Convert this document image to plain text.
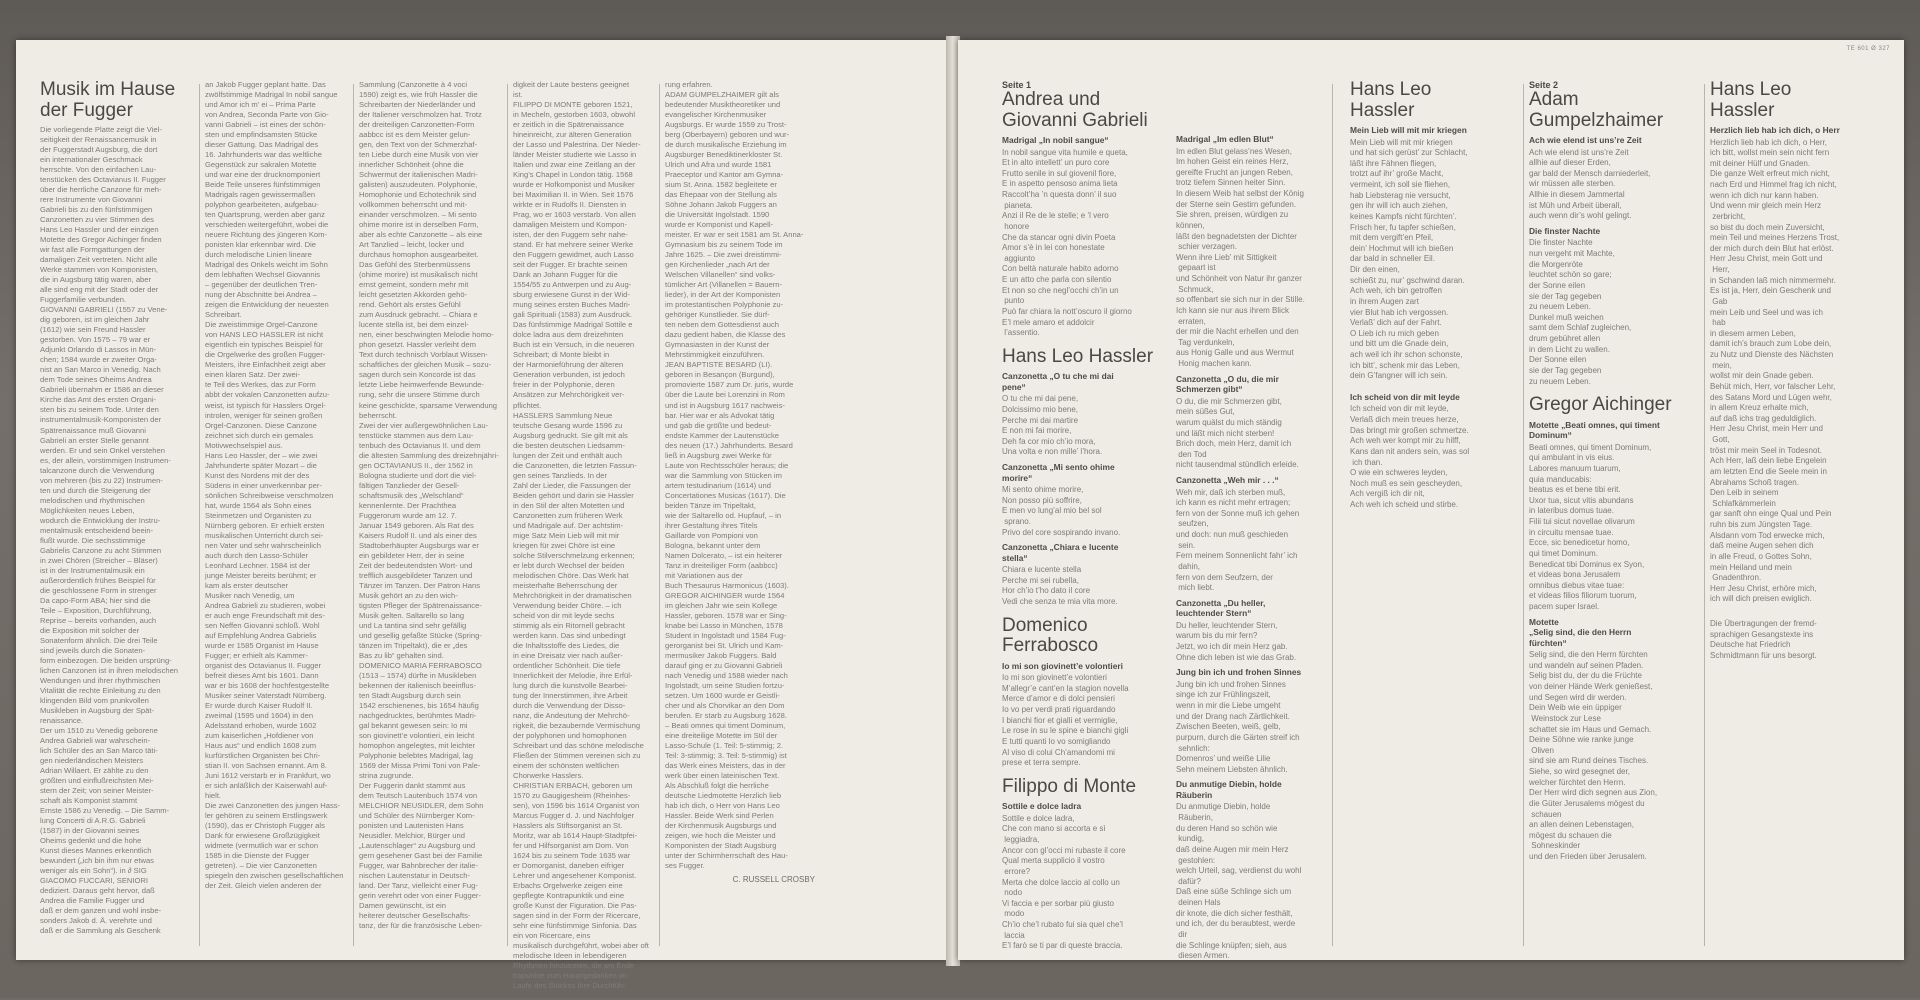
Musik im Hause
der Fugger

Die vorliegende Platte zeigt die Viel-
seitigkeit der Renaissancemusik in
der Fuggerstadt Augsburg, die dort
ein internationaler Geschmack
herrschte. Von den einfachen Lau-
tenstücken des Octavianus II. Fugger
über die herrliche Canzone für meh-
rere Instrumente von Giovanni
Gabrieli bis zu den fünfstimmigen
Canzonetten zu vier Stimmen des
Hans Leo Hassler und der einzigen
Motette des Gregor Aichinger finden
wir fast alle Formgattungen der
damaligen Zeit vertreten. Nicht alle
Werke stammen von Komponisten,
die in Augsburg tätig waren, aber
alle sind eng mit der Stadt oder der
Fuggerfamilie verbunden.
GIOVANNI GABRIELI (1557 zu Vene-
dig geboren, ist im gleichen Jahr
(1612) wie sein Freund Hassler
gestorben. Von 1575 – 79 war er
Adjunkt Orlando di Lassos in Mün-
chen; 1584 wurde er zweiter Orga-
nist an San Marco in Venedig. Nach
dem Tode seines Oheims Andrea
Gabrieli übernahm er 1586 an dieser
Kirche das Amt des ersten Organi-
sten bis zu seinem Tode. Unter den
instrumentalmusik-Komponisten der
Spätrenaissance muß Giovanni
Gabrieli an erster Stelle genannt
werden. Er und sein Onkel verstehen
es, der allein, vorstimmigen Instrumen-
talcanzone durch die Verwendung
von mehreren (bis zu 22) Instrumen-
ten und durch die Steigerung der
melodischen und rhythmischen
Möglichkeiten neues Leben,
wodurch die Entwicklung der Instru-
mentalmusik entscheidend beein-
flußt wurde. Die sechsstimmige
Gabrielis Canzone zu acht Stimmen
in zwei Chören (Streicher – Bläser)
ist in der Instrumentalmusik ein
außerordentlich frühes Beispiel für
die geschlossene Form in strenger
Da capo-Form ABA; hier sind die
Teile – Exposition, Durchführung,
Reprise – bereits vorhanden, auch
die Exposition mit solcher der
Sonatenform ähnlich. Die drei Teile
sind jeweils durch die Sonaten-
form einbezogen. Die beiden ursprüng-
lichen Canzonen ist in ihren melodischen
Wendungen und ihrer rhythmischen
Vitalität die rechte Einleitung zu den
klingenden Bild vom prunkvollen
Musikleben in Augsburg der Spät-
renaissance.
Der um 1510 zu Venedig geborene
Andrea Gabrieli war wahrschein-
lich Schüler des an San Marco täti-
gen niederländischen Meisters
Adrian Willaert. Er zählte zu den
größten und einflußreichsten Mei-
stern der Zeit; von seiner Meister-
schaft als Komponist stammt
Ernste 1586 zu Venedig. – Die Samm-
lung Concerti di A.R.G. Gabrieli
(1587) in der Giovanni seines
Oheims gedenkt und die hohe
Kunst dieses Mannes erkenntlich
bewundert („ich bin ihm nur etwas
weniger als ein Sohn“). in ∂ SIG
GIACOMO FUCCARI, SENIORI
dediziert. Daraus geht hervor, daß
Andrea die Familie Fugger und
daß er dem ganzen und wohl insbe-
sonders Jakob d. Ä. verehrte und
daß er die Sammlung als Geschenk

an Jakob Fugger geplant hatte. Das
zwölfstimmige Madrigal In nobil sangue
und Amor ich m' ei – Prima Parte
von Andrea, Seconda Parte von Gio-
vanni Gabrieli – ist eines der schön-
sten und empfindsamsten Stücke
dieser Gattung. Das Madrigal des
16. Jahrhunderts war das weltliche
Gegenstück zur sakralen Motette
und war eine der drucknomponiert
Beide Teile unseres fünfstimmigen
Madrigals ragen gewissermaßen
polyphon gearbeiteten, aufgebau-
ten Quartsprung, werden aber ganz
verschieden weitergeführt, wobei die
neuere Richtung des jüngeren Kom-
ponisten klar erkennbar wird. Die
durch melodische Linien lineare
Madrigal des Onkels weicht im Sohn
dem lebhaften Wechsel Giovannis
– gegenüber der deutlichen Tren-
nung der Abschnitte bei Andrea –
zeigen die Entwicklung der neuesten
Schreibart.
Die zweistimmige Orgel-Canzone
von HANS LEO HASSLER ist nicht
eigentlich ein typisches Beispiel für
die Orgelwerke des großen Fugger-
Meisters, ihre Einfachheit zeigt aber
einen klaren Satz. Der zwei-
te Teil des Werkes, das zur Form
abbt der vokalen Canzonetten aufzu-
weist, ist typisch für Hasslers Orgel-
introlen, weniger für seinen großen
Orgel-Canzonen. Diese Canzone
zeichnet sich durch ein gemales
Motivwechselspiel aus.
Hans Leo Hassler, der – wie zwei
Jahrhunderte später Mozart – die
Kunst des Nordens mit der des
Südens in einer unverkennbar per-
sönlichen Schreibweise verschmolzen
hat, wurde 1564 als Sohn eines
Steinmetzen und Organisten zu
Nürnberg geboren. Er erhielt ersten
musikalischen Unterricht durch sei-
nen Vater und sehr wahrscheinlich
auch durch den Lasso-Schüler
Leonhard Lechner. 1584 ist der
junge Meister bereits berühmt; er
kam als erster deutscher
Musiker nach Venedig, um
Andrea Gabrieli zu studieren, wobei
er auch enge Freundschaft mit des-
sen Neffen Giovanni schloß. Wohl
auf Empfehlung Andrea Gabrielis
wurde er 1585 Organist im Hause
Fugger; er erhielt als Kammer-
organist des Octavianus II. Fugger
befreit dieses Amt bis 1601. Dann
war er bis 1608 der hochfestgestellte
Musiker seiner Vaterstadt Nürnberg.
Er wurde durch Kaiser Rudolf II.
zweimal (1595 und 1604) in den
Adelsstand erhoben, wurde 1602
zum kaiserlichen „Hofdiener von
Haus aus“ und endlich 1608 zum
kurfürstlichen Organisten bei Chri-
stian II. von Sachsen ernannt. Am 8.
Juni 1612 verstarb er in Frankfurt, wo
er sich anläßlich der Kaiserwahl auf-
hielt.
Die zwei Canzonetten des jungen Hass-
ler gehören zu seinem Erstlingswerk
(1590), das er Christoph Fugger als
Dank für erwiesene Großzügigkeit
widmete (vermutlich war er schon
1585 in die Dienste der Fugger
getreten). – Die vier Canzonetten
spiegeln den zwischen gesellschaftlichen
der Zeit. Gleich vielen anderen der

Sammlung (Canzonette à 4 voci
1590) zeigt es, wie früh Hassler die
Schreibarten der Niederländer und
der Italiener verschmolzen hat. Trotz
der dreiteiligen Canzonetten-Form
aabbcc ist es dem Meister gelun-
gen, den Text von der Schmerzhaf-
ten Liebe durch eine Musik von vier
innerlicher Schönheit (ohne die
Schwermut der italienischen Madri-
galisten) auszudeuten. Polyphonie,
Homophonie und Echotechnik sind
vollkommen beherrscht und mit-
einander verschmolzen. – Mi sento
ohime morire ist in derselben Form,
aber als echte Canzonette – als eine
Art Tanzlied – leicht, locker und
durchaus homophon ausgearbeitet.
Das Gefühl des Sterbenmüssens
(ohime morire) ist musikalisch nicht
ernst gemeint, sondern mehr mit
leicht gesetzten Akkorden gehö-
rend. Gehört als erstes Gefühl
zum Ausdruck gebracht. – Chiara e
lucente stella ist, bei dem einzel-
nen, einer beschwingten Melodie homo-
phon gesetzt. Hassler verleiht dem
Text durch technisch Vorblaut Wissen-
schaftliches der gleichen Musik – sozu-
sagen durch sein Koncorde ist das
letzte Liebe heimwerfende Bewunde-
rung, sehr die unsere Stimme durch
keine geschickte, sparsame Verwendung
beherrscht.
Zwei der vier außergewöhnlichen Lau-
tenstücke stammen aus dem Lau-
tenbuch des Octavianus II. und dem
die ältesten Sammlung des dreizehnjähri-
gen OCTAVIANUS II., der 1562 in
Bologna studierte und dort die viel-
fältigen Tanzlieder der Gesell-
schaftsmusik des „Welschland“
kennenlernte. Der Prachthea
Fuggerorum wurde am 12. 7.
Januar 1549 geboren. Als Rat des
Kaisers Rudolf II. und als einer des
Stadtoberhäupter Augsburgs war er
ein gebildeter Herr, der in seine
Zeit der bedeutendsten Wort- und
trefflich ausgebildeter Tanzen und
Tänzer im Tanzen. Der Patron Hans
Musik gehört an zu den wich-
tigsten Pfleger der Spätrenaissance-
Musik gelten. Saltarello so lang
und La tantina sind sehr gefällig
und gesellig gefaßte Stücke (Spring-
tänzen im Tripeltakt), die er „des
Bas zu lib“ gehalten sind.
DOMENICO MARIA FERRABOSCO
(1513 – 1574) dürfte in Musikleben
bekennen der italienisch beeinflus-
ten Stadt Augsburg durch sein
1542 erschienenes, bis 1654 häufig
nachgedrucktes, berühmtes Madri-
gal bekannt gewesen sein: Io mi
son giovinett’e volontieri, ein leicht
homophon angelegtes, mit leichter
Polyphonie belebtes Madrigal, lag
1569 der Missa Primi Toni von Pale-
strina zugrunde.
Der Fuggerin dankt stammt aus
dem Teutsch Lautenbuch 1574 von
MELCHIOR NEUSIDLER, dem Sohn
und Schüler des Nürnberger Kom-
ponisten und Lautenisten Hans
Neusidler. Melchior, Bürger und
„Lautenschlager“ zu Augsburg und
gern gesehener Gast bei der Familie
Fugger, war Bahnbrecher der italie-
nischen Lautenstatur in Deutsch-
land. Der Tanz, vielleicht einer Fug-
gerin verehrt oder von einer Fugger-
Damen gewünscht, ist ein
heiterer deutscher Gesellschafts-
tanz, der für die französische Leben-

digkeit der Laute bestens geeignet
ist.
FILIPPO DI MONTE geboren 1521,
in Mecheln, gestorben 1603, obwohl
er zeitlich in die Spätrenaissance
hineinreicht, zur älteren Generation
der Lasso und Palestrina. Der Nieder-
länder Meister studierte wie Lasso in
Italien und zwar eine Zeitlang an der
King’s Chapel in London tätig. 1568
wurde er Hofkomponist und Musiker
bei Maximilian II. in Wien. Seit 1576
wirkte er in Rudolfs II. Diensten in
Prag, wo er 1603 verstarb. Von allen
damaligen Meistern und Kompon-
isten, der den Fuggern sehr nahe-
stand. Er hat mehrere seiner Werke
den Fuggern gewidmet, auch Lasso
seit der Fugger. Er brachte seinen
Dank an Johann Fugger für die
1554/55 zu Antwerpen und zu Aug-
sburg erwiesene Gunst in der Wid-
mung seines ersten Buches Madri-
gali Spirituali (1583) zum Ausdruck.
Das fünfstimmige Madrigal Sottile e
dolce ladra aus dem dreizehnten
Buch ist ein Versuch, in die neueren
Schreibart; di Monte bleibt in
der Harmonieführung der älteren
Generation verbunden, ist jedoch
freier in der Polyphonie, deren
Ansätzen zur Mehrchörigkeit ver-
pflichtet.
HASSLERS Sammlung Neue
teutsche Gesang wurde 1596 zu
Augsburg gedruckt. Sie gilt mit als
die besten deutschen Liedsamm-
lungen der Zeit und enthält auch
die Canzonetten, die letzten Fassun-
gen seines Tanzlieds. In der
Zahl der Lieder, die Fassungen der
Beiden gehört und darin sie Hassler
in den Stil der alten Motetten und
Canzonetten zum früheren Werk
und Madrigale auf. Der achtstim-
mige Satz Mein Lieb will mit mir
kriegen für zwei Chöre ist eine
solche Stilverschmelzung erkennen;
er lebt durch Wechsel der beiden
melodischen Chöre. Das Werk hat
meisterhafte Beherrschung der
Mehrchörigkeit in der dramatischen
Verwendung beider Chöre. – ich
scheid von dir mit leyde sechs
stimmig als ein Ritornell gebracht
werden kann. Das sind unbedingt
die Inhaltsstoffe des Liedes, die
in eine Dreisatz vier nach außer-
ordentlicher Schönheit. Die tiefe
Innerlichkeit der Melodie, ihre Erfül-
lung durch die kunstvolle Bearbei-
tung der Innerstimmen, ihre Arbeit
durch die Verwendung der Disso-
nanz, die Andeutung der Mehrchö-
rigkeit, die bezaubernde Vermischung
der polyphonen und homophonen
Schreibart und das schöne melodische
Fließen der Stimmen vereinen sich zu
einem der schönsten weltlichen
Chorwerke Hasslers.
CHRISTIAN ERBACH, geboren um
1570 zu Gaugigesheim (Rheinhes-
sen), von 1596 bis 1614 Organist von
Marcus Fugger d. J. und Nachfolger
Hasslers als Stiftsorganist an St.
Moritz, war ab 1614 Haupt-Stadtpfei-
fer und Hilfsorganist am Dom. Von
1624 bis zu seinem Tode 1635 war
er Domorganist, daneben eifriger
Lehrer und angesehener Komponist.
Erbachs Orgelwerke zeigen eine
gepflegte Kontrapunktik und eine
große Kunst der Figuration. Die Pas-
sagen sind in der Form der Ricercare,
sehr eine fünfstimmige Sinfonia. Das
ein von Ricercare, eins
musikalisch durchgeführt, wobei aber oft
melodische Ideen in lebendigeren
Rhythmen hinzutreten, die am Ende
trapunkte zum Hauptgedanken im
Laufe des Stückes ihre Durchfüh-

rung erfahren.
ADAM GUMPELZHAIMER gilt als
bedeutender Musiktheoretiker und
evangelischer Kirchenmusiker
Augsburgs. Er wurde 1559 zu Trost-
berg (Oberbayern) geboren und wur-
de durch musikalische Erziehung im
Augsburger Benediktinerkloster St.
Ulrich und Afra und wurde 1581
Praeceptor und Kantor am Gymna-
sium St. Anna. 1582 begleitete er
das Ehepaar von der Stellung als
Söhne Johann Jakob Fuggers an
die Universität Ingolstadt. 1590
wurde er Komponist und Kapell-
meister. Er war er seit 1581 am St. Anna-
Gymnasium bis zu seinem Tode im
Jahre 1625. – Die zwei dreistimmi-
gen Kirchenlieder „nach Art der
Welschen Villanellen“ sind volks-
tümlicher Art (Villanellen = Bauern-
lieder), in der Art der Komponisten
im protestantischen Polyphonie zu-
gehöriger Kunstlieder. Sie dürf-
ten neben dem Gottesdienst auch
dazu gedient haben, die Klasse des
Gymnasiasten in der Kunst der
Mehrstimmigkeit einzuführen.
JEAN BAPTISTE BESARD (LI).
geboren in Besançon (Burgund),
promovierte 1587 zum Dr. juris, wurde
über die Laute bei Lorenzini in Rom
und ist in Augsburg 1617 nachweis-
bar. Hier war er als Advokat tätig
und gab die größte und bedeut-
endste Kammer der Lautenstücke
des neuen (17.) Jahrhunderts. Besard
ließ in Augsburg zwei Werke für
Laute von Rechtsschüler heraus; die
war die Sammlung von Stücken im
artem testudinarium (1614) und
Concertationes Musicas (1617). Die
beiden Tänze im Tripeltakt,
wie der Saltarello od. Hupfauf, – in
ihrer Gestaltung ihres Titels
Gaillarde von Pompioni von
Bologna, bekannt unter dem
Namen Dolcerato, – ist ein heiterer
Tanz in dreiteiliger Form (aabbcc)
mit Variationen aus der
Buch Thesaurus Harmonicus (1603).
GREGOR AICHINGER wurde 1564
im gleichen Jahr wie sein Kollege
Hassler, geboren. 1578 war er Sing-
knabe bei Lasso in München, 1578
Student in Ingolstadt und 1584 Fug-
gerorganist bei St. Ulrich und Kam-
mermusiker Jakob Fuggers. Bald
darauf ging er zu Giovanni Gabrieli
nach Venedig und 1588 wieder nach
Ingolstadt, um seine Studien fortzu-
setzen. Um 1600 wurde er Geistli-
cher und als Chorvikar an den Dom
berufen. Er starb zu Augsburg 1628.
– Beati omnes qui timent Dominum,
eine dreiteilige Motette im Stil der
Lasso-Schule (1. Teil: 5-stimmig; 2.
Teil: 3-stimmig; 3. Teil: 5-stimmig) ist
das Werk eines Meisters, das in der
werk über einen lateinischen Text.
Als Abschluß folgt die herrliche
deutsche Liedmotette Herzlich lieb
hab ich dich, o Herr von Hans Leo
Hassler. Beide Werk sind Perlen
der Kirchenmusik Augsburgs und
zeigen, wie hoch die Meister und
Komponisten der Stadt Augsburg
unter der Schirmherrschaft des Hau-
ses Fugger.

C. RUSSELL CROSBY

TE 601 Ø 327

Seite 1

Andrea und Giovanni Gabrieli

Madrigal „In nobil sangue“

In nobil sangue vita humile e queta,
Et in alto intellett’ un puro core
Frutto senile in sul giovenil fiore,
E in aspetto pensoso anima lieta
Raccolt’ha ’n questa donn’ il suo
pianeta.
Anzi il Re de le stelle; e ’l vero
honore
Che da stancar ogni divin Poeta
Amor s’è in lei con honestate
aggiunto
Con beltà naturale habito adorno
E un atto che parla con silentio
Et non so che negl’occhi ch’in un
punto
Può far chiara la nott’oscuro il giorno
E’l mele amaro et addolcir
l’assentio.

Hans Leo Hassler

Canzonetta „O tu che mi dai
pene“

O tu che mi dai pene,
Dolcissimo mio bene,
Perche mi dai martire
E non mi fai morire,
Deh fa cor mio ch’io mora,
Una volta e non mille’ l’hora.

Canzonetta „Mi sento ohime
morire“

Mi sento ohime morire,
Non posso più soffrire,
E men vo lung’al mio bel sol
sprano.
Privo del core sospirando invano.

Canzonetta „Chiara e lucente
stella“

Chiara e lucente stella
Perche mi sei rubella,
Hor ch’io t’ho dato il core
Vedi che senza te mia vita more.

Domenico Ferrabosco

Io mi son giovinett’e volontieri

Io mi son giovinett’e volontieri
M’allegr’e cant’en la stagion novella
Merce d’amor e di dolci pensieri
Io vo per verdi prati riguardando
I bianchi fior et gialli et vermiglie,
Le rose in su le spine e bianchi gigli
E tutti quanti lo vo somigliando
Al viso di colui Ch’amandomi mi
prese et terra sempre.

Filippo di Monte

Sottile e dolce ladra

Sottile e dolce ladra,
Che con mano si accorta e sì
leggiadra,
Ancor con gl’occi mi rubaste il core
Qual merta supplicio il vostro
errore?
Merta che dolce laccio al collo un
nodo
Vi faccia e per sorbar più giusto
modo
Ch’io che’l rubato fui sia quel che’l
laccia
E’l farò se ti par di queste braccia.

Madrigal „Im edlen Blut“

Im edlen Blut gelass’nes Wesen,
Im hohen Geist ein reines Herz,
gereifte Frucht an jungen Reben,
trotz tiefem Sinnen heiter Sinn.
In diesem Weib hat selbst der König
der Sterne sein Gestirn gefunden.
Sie shren, preisen, würdigen zu
können,
läßt den begnadetsten der Dichter
schier verzagen.
Wenn ihre Lieb’ mit Sittigkeit
gepaart ist
und Schönheit von Natur ihr ganzer
Schmuck,
so offenbart sie sich nur in der Stille.
Ich kann sie nur aus ihrem Blick
erraten,
der mir die Nacht erhellen und den
Tag verdunkeln,
aus Honig Galle und aus Wermut
Honig machen kann.

Canzonetta „O du, die mir
Schmerzen gibt“

O du, die mir Schmerzen gibt,
mein süßes Gut,
warum quälst du mich ständig
und läßt mich nicht sterben!
Brich doch, mein Herz, damit ich
den Tod
nicht tausendmal stündlich erleide.

Canzonetta „Weh mir . . .“

Weh mir, daß ich sterben muß,
ich kann es nicht mehr ertragen;
fern von der Sonne muß ich gehen
seufzen,
und doch: nun muß geschieden
sein.
Fern meinem Sonnenlicht fahr’ ich
dahin,
fern von dem Seufzern, der
mich liebt.

Canzonetta „Du heller,
leuchtender Stern“

Du heller, leuchtender Stern,
warum bis du mir fern?
Jetzt, wo ich dir mein Herz gab.
Ohne dich leben ist wie das Grab.

Jung bin ich und frohen Sinnes

Jung bin ich und frohen Sinnes
singe ich zur Frühlingszeit,
wenn in mir die Liebe umgeht
und der Drang nach Zärtlichkeit.
Zwischen Beeten, weiß, gelb,
purpurn, durch die Gärten streif ich
sehnlich:
Dornenros’ und weiße Lilie
Sehn meinem Liebsten ähnlich.

Du anmutige Diebin, holde
Räuberin

Du anmutige Diebin, holde
Räuberin,
du deren Hand so schön wie
kundig,
daß deine Augen mir mein Herz
gestohlen:
welch Urteil, sag, verdienst du wohl
dafür?
Daß eine süße Schlinge sich um
deinen Hals
dir knote, die dich sicher festhält,
und ich, der du beraubtest, werde
dir
die Schlinge knüpfen; sieh, aus
diesen Armen.

Hans Leo
Hassler

Mein Lieb will mit mir kriegen

Mein Lieb will mit mir kriegen
und hat sich gerüst’ zur Schlacht,
läßt ihre Fähnen fliegen,
trotzt auf ihr’ große Macht,
vermeint, ich soll sie fliehen,
hab Liebsterag nie versucht,
gen ihr will ich auch ziehen,
keines Kampfs nicht fürchten’.
Frisch her, fu tapfer schießen,
mit dem vergift’en Pfeil,
dein’ Hochmut will ich bießen
dar bald in schneller Eil.
Dir den einen,
schießt zu, nur’ gschwind daran.
Ach weh, ich bin getroffen
in ihrem Augen zart
vier Blut hab ich vergossen.
Verlaß’ dich auf der Fahrt.
O Lieb ich ru mich geben
und bitt um die Gnade dein,
ach weil ich ihr schon schonste,
ich bitt’, schenk mir das Leben,
dein G’fangner will ich sein.

Ich scheid von dir mit leyde

Ich scheid von dir mit leyde,
Verlaß dich mein treues herze,
Das bringt mir großen schmertze.
Ach weh wer kompt mir zu hilff,
Kans dan nit anders sein, was sol
ich than.
O wie ein schweres leyden,
Noch muß es sein gescheyden,
Ach vergiß ich dir nit,
Ach weh ich scheid und stirbe.

Seite 2

Adam
Gumpelzhaimer

Ach wie elend ist uns’re Zeit

Ach wie elend ist uns’re Zeit
allhie auf dieser Erden,
gar bald der Mensch darniederleit,
wir müssen alle sterben.
Allhie in diesem Jammertal
ist Müh und Arbeit überall,
auch wenn dir’s wohl gelingt.

Die finster Nachte

Die finster Nachte
nun vergeht mit Machte,
die Morgenröte
leuchtet schön so gare;
der Sonne eilen
sie der Tag gegeben
zu neuem Leben.
Dunkel muß weichen
samt dem Schlaf zugleichen,
drum gebühret allen
in dem Licht zu wallen.
Der Sonne eilen
sie der Tag gegeben
zu neuem Leben.

Gregor Aichinger

Motette „Beati omnes, qui timent
Dominum“

Beati omnes, qui timent Dominum,
qui ambulant in vis eius.
Labores manuum tuarum,
quia manducabis:
beatus es et bene tibi erit.
Uxor tua, sicut vitis abundans
in lateribus domus tuae.
Filii tui sicut novellae olivarum
in circuitu mensae tuae.
Ecce, sic benedicetur homo,
qui timet Dominum.
Benedicat tibi Dominus ex Syon,
et videas bona Jerusalem
omnibus diebus vitae tuae:
et videas filios filiorum tuorum,
pacem super Israel.

Motette
„Selig sind, die den Herrn
fürchten“

Selig sind, die den Herrn fürchten
und wandeln auf seinen Pfaden.
Selig bist du, der du die Früchte
von deiner Hände Werk genießest,
und Segen wird dir werden.
Dein Weib wie ein üppiger
Weinstock zur Lese
schattet sie im Haus und Gemach.
Deine Söhne wie ranke junge
Oliven
sind sie am Rund deines Tisches.
Siehe, so wird gesegnet der,
welcher fürchtet den Herrn.
Der Herr wird dich segnen aus Zion,
die Güter Jerusalems mögest du
schauen
an allen deinen Lebenstagen,
mögest du schauen die
Sohneskinder
und den Frieden über Jerusalem.

Hans Leo
Hassler

Herzlich lieb hab ich dich, o Herr

Herzlich lieb hab ich dich, o Herr,
ich bitt, wollst mein sein nicht fern
mit deiner Hülf und Gnaden.
Die ganze Welt erfreut mich nicht,
nach Erd und Himmel frag ich nicht,
wenn ich dich nur kann haben.
Und wenn mir gleich mein Herz
zerbricht,
so bist du doch mein Zuversicht,
mein Teil und meines Herzens Trost,
der mich durch dein Blut hat erlöst.
Herr Jesu Christ, mein Gott und
Herr,
in Schanden laß mich nimmermehr.
Es ist ja, Herr, dein Geschenk und
Gab
mein Leib und Seel und was ich
hab
in diesem armen Leben,
damit ich’s brauch zum Lobe dein,
zu Nutz und Dienste des Nächsten
mein,
wollst mir dein Gnade geben.
Behüt mich, Herr, vor falscher Lehr,
des Satans Mord und Lügen wehr,
in allem Kreuz erhalte mich,
auf daß ichs trag geduldiglich.
Herr Jesu Christ, mein Herr und
Gott,
tröst mir mein Seel in Todesnot.
Ach Herr, laß dein liebe Engelein
am letzten End die Seele mein in
Abrahams Schoß tragen.
Den Leib in seinem
Schlafkämmerlein
gar sanft ohn einge Qual und Pein
ruhn bis zum Jüngsten Tage.
Alsdann vom Tod erwecke mich,
daß meine Augen sehen dich
in alle Freud, o Gottes Sohn,
mein Heiland und mein
Gnadenthron.
Herr Jesu Christ, erhöre mich,
ich will dich preisen ewiglich.

Die Übertragungen der fremd-
sprachigen Gesangstexte ins
Deutsche hat Friedrich
Schmidtmann für uns besorgt.
